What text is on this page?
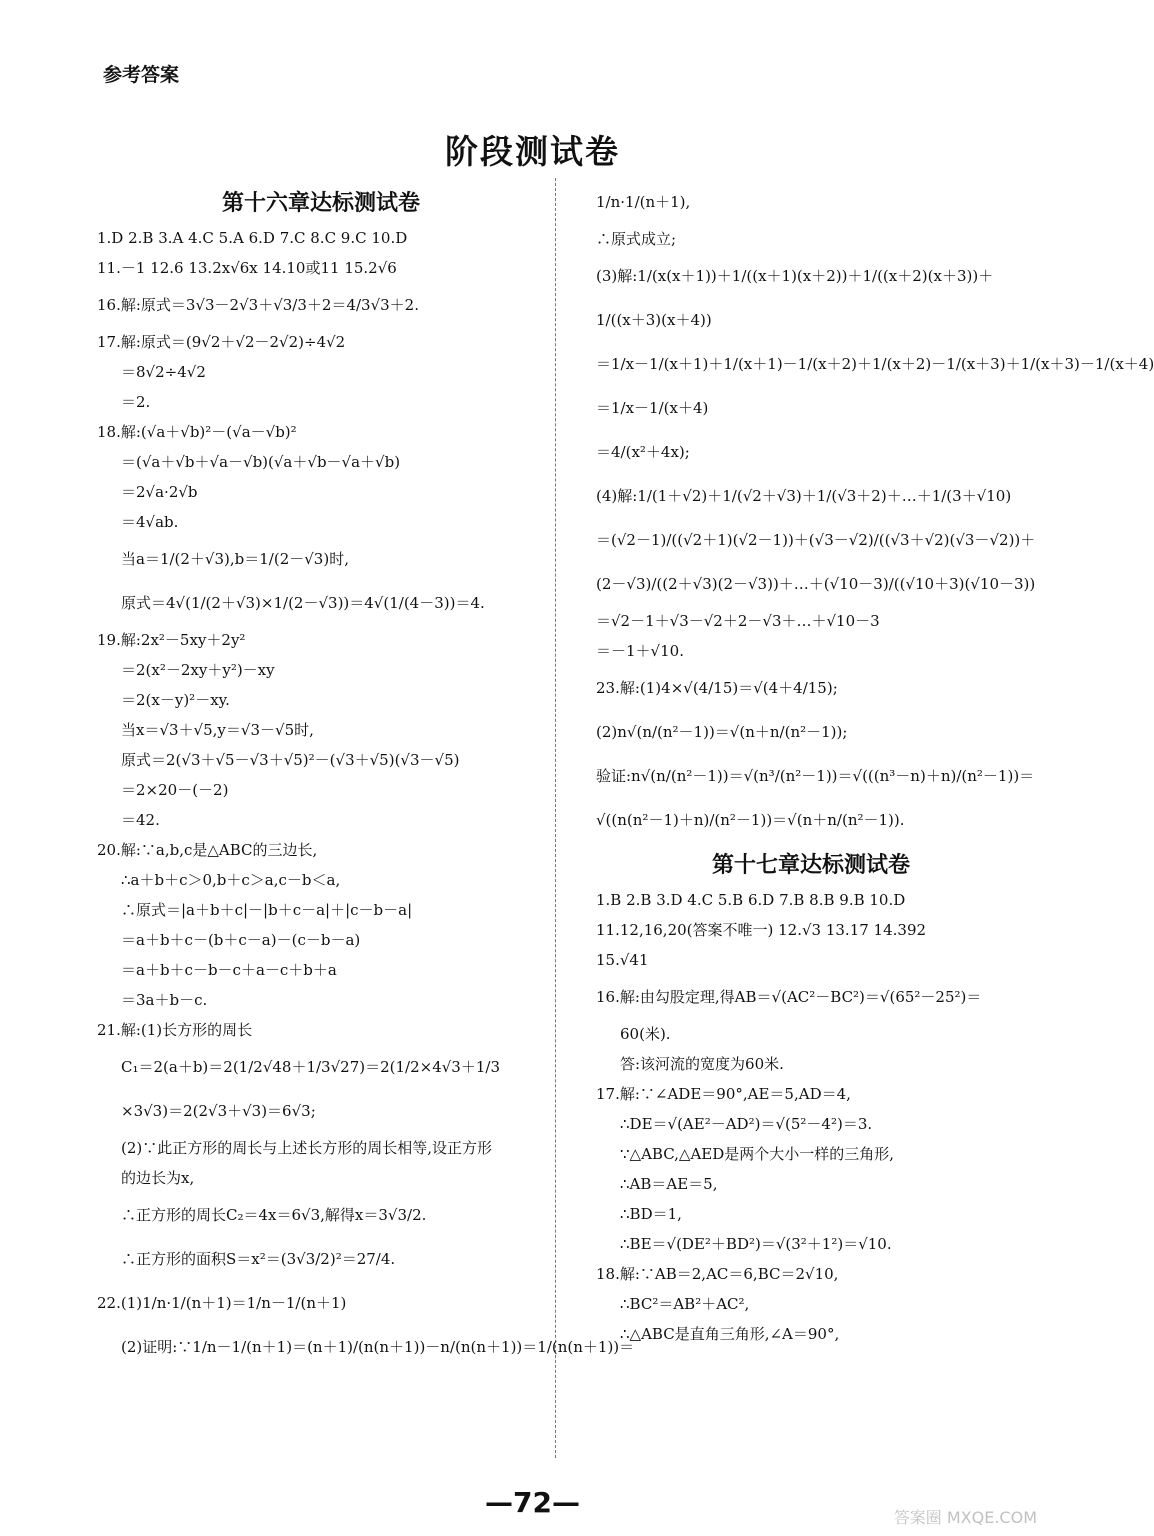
参考答案
阶段测试卷
第十六章达标测试卷
1.D 2.B 3.A 4.C 5.A 6.D 7.C 8.C 9.C 10.D
11.－1 12.6 13.2x√6x 14.10或11 15.2√6
16.解:原式＝3√3－2√3＋√3/3＋2＝4/3√3＋2.
17.解:原式＝(9√2＋√2－2√2)÷4√2
＝8√2÷4√2
＝2.
18.解:(√a＋√b)²－(√a－√b)²
＝(√a＋√b＋√a－√b)(√a＋√b－√a＋√b)
＝2√a·2√b
＝4√ab.
当a＝1/(2＋√3),b＝1/(2－√3)时,
原式＝4√(1/(2＋√3)×1/(2－√3))＝4√(1/(4－3))＝4.
19.解:2x²－5xy＋2y²
＝2(x²－2xy＋y²)－xy
＝2(x－y)²－xy.
当x＝√3＋√5,y＝√3－√5时,
原式＝2(√3＋√5－√3＋√5)²－(√3＋√5)(√3－√5)
＝2×20－(－2)
＝42.
20.解:∵a,b,c是△ABC的三边长,
∴a＋b＋c＞0,b＋c＞a,c－b＜a,
∴原式＝|a＋b＋c|－|b＋c－a|＋|c－b－a|
＝a＋b＋c－(b＋c－a)－(c－b－a)
＝a＋b＋c－b－c＋a－c＋b＋a
＝3a＋b－c.
21.解:(1)长方形的周长
C₁＝2(a＋b)＝2(1/2√48＋1/3√27)＝2(1/2×4√3＋1/3
×3√3)＝2(2√3＋√3)＝6√3;
(2)∵此正方形的周长与上述长方形的周长相等,设正方形
的边长为x,
∴正方形的周长C₂＝4x＝6√3,解得x＝3√3/2.
∴正方形的面积S＝x²＝(3√3/2)²＝27/4.
22.(1)1/n·1/(n＋1)＝1/n－1/(n＋1)
(2)证明:∵1/n－1/(n＋1)＝(n＋1)/(n(n＋1))－n/(n(n＋1))＝1/(n(n＋1))＝
1/n·1/(n＋1),
∴原式成立;
(3)解:1/(x(x＋1))＋1/((x＋1)(x＋2))＋1/((x＋2)(x＋3))＋
1/((x＋3)(x＋4))
＝1/x－1/(x＋1)＋1/(x＋1)－1/(x＋2)＋1/(x＋2)－1/(x＋3)＋1/(x＋3)－1/(x＋4)
＝1/x－1/(x＋4)
＝4/(x²＋4x);
(4)解:1/(1＋√2)＋1/(√2＋√3)＋1/(√3＋2)＋…＋1/(3＋√10)
＝(√2－1)/((√2＋1)(√2－1))＋(√3－√2)/((√3＋√2)(√3－√2))＋
(2－√3)/((2＋√3)(2－√3))＋…＋(√10－3)/((√10＋3)(√10－3))
＝√2－1＋√3－√2＋2－√3＋…＋√10－3
＝－1＋√10.
23.解:(1)4×√(4/15)＝√(4＋4/15);
(2)n√(n/(n²－1))＝√(n＋n/(n²－1));
验证:n√(n/(n²－1))＝√(n³/(n²－1))＝√(((n³－n)＋n)/(n²－1))＝
√((n(n²－1)＋n)/(n²－1))＝√(n＋n/(n²－1)).
第十七章达标测试卷
1.B 2.B 3.D 4.C 5.B 6.D 7.B 8.B 9.B 10.D
11.12,16,20(答案不唯一) 12.√3 13.17 14.392
15.√41
16.解:由勾股定理,得AB＝√(AC²－BC²)＝√(65²－25²)＝
60(米).
答:该河流的宽度为60米.
17.解:∵∠ADE＝90°,AE＝5,AD＝4,
∴DE＝√(AE²－AD²)＝√(5²－4²)＝3.
∵△ABC,△AED是两个大小一样的三角形,
∴AB＝AE＝5,
∴BD＝1,
∴BE＝√(DE²＋BD²)＝√(3²＋1²)＝√10.
18.解:∵AB＝2,AC＝6,BC＝2√10,
∴BC²＝AB²＋AC²,
∴△ABC是直角三角形,∠A＝90°,
—72—	答案圈 MXQE.COM
